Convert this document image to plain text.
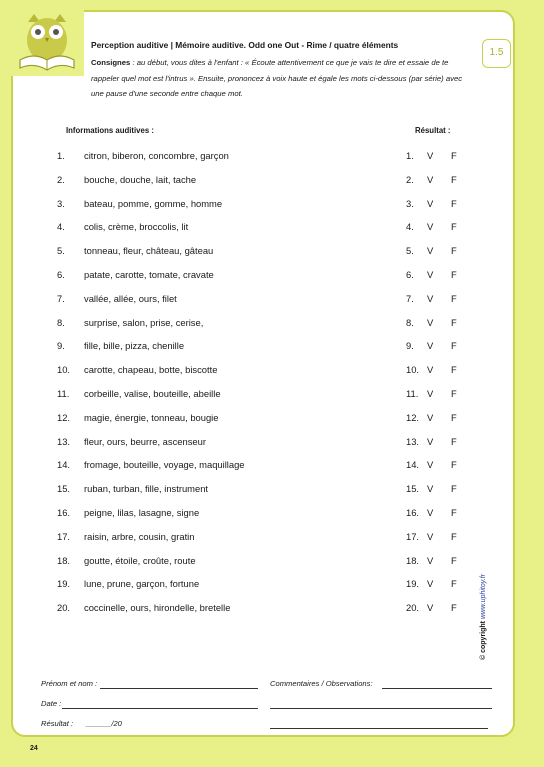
Perception auditive | Mémoire auditive. Odd one Out - Rime / quatre éléments
Consignes : au début, vous dites à l'enfant : « Écoute attentivement ce que je vais te dire et essaie de te rappeler quel mot est l'intrus ». Ensuite, prononcez à voix haute et égale les mots ci-dessous (par série) avec une pause d'une seconde entre chaque mot.
1.5
Informations auditives :	Résultat :
1. citron, biberon, concombre, garçon	1. V F
2. bouche, douche, lait, tache	2. V F
3. bateau, pomme, gomme, homme	3. V F
4. colis, crème, broccolis, lit	4. V F
5. tonneau, fleur, château, gâteau	5. V F
6. patate, carotte, tomate, cravate	6. V F
7. vallée, allée, ours, filet	7. V F
8. surprise, salon, prise, cerise,	8. V F
9. fille, bille, pizza, chenille	9. V F
10. carotte, chapeau, botte, biscotte	10. V F
11. corbeille, valise, bouteille, abeille	11. V F
12. magie, énergie, tonneau, bougie	12. V F
13. fleur, ours, beurre, ascenseur	13. V F
14. fromage, bouteille, voyage, maquillage	14. V F
15. ruban, turban, fille, instrument	15. V F
16. peigne, lilas, lasagne, signe	16. V F
17. raisin, arbre, cousin, gratin	17. V F
18. goutte, étoile, croûte, route	18. V F
19. lune, prune, garçon, fortune	19. V F
20. coccinelle, ours, hirondelle, bretelle	20. V F
© copyright www.uphitoy.fr
Prénom et nom :
Date :
Résultat : ______/20
Commentaires / Observations:
24
